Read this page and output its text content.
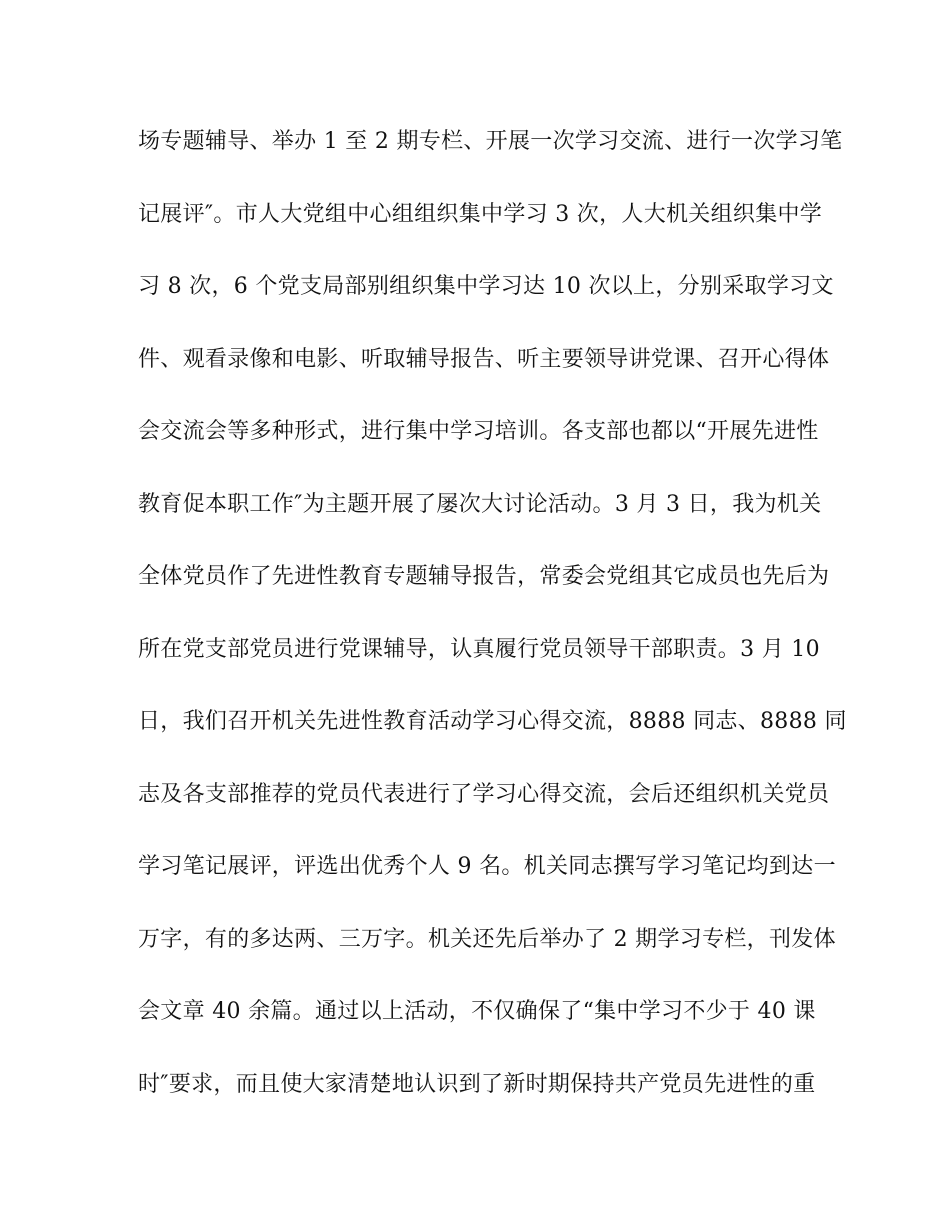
场专题辅导、举办 1 至 2 期专栏、开展一次学习交流、进行一次学习笔
记展评″。市人大党组中心组组织集中学习 3 次，人大机关组织集中学
习 8 次，6 个党支局部别组织集中学习达 10 次以上，分别采取学习文
件、观看录像和电影、听取辅导报告、听主要领导讲党课、召开心得体
会交流会等多种形式，进行集中学习培训。各支部也都以“开展先进性
教育促本职工作″为主题开展了屡次大讨论活动。3 月 3 日，我为机关
全体党员作了先进性教育专题辅导报告，常委会党组其它成员也先后为
所在党支部党员进行党课辅导，认真履行党员领导干部职责。3 月 10
日，我们召开机关先进性教育活动学习心得交流，8888 同志、8888 同
志及各支部推荐的党员代表进行了学习心得交流，会后还组织机关党员
学习笔记展评，评选出优秀个人 9 名。机关同志撰写学习笔记均到达一
万字，有的多达两、三万字。机关还先后举办了 2 期学习专栏，刊发体
会文章 40 余篇。通过以上活动，不仅确保了“集中学习不少于 40 课
时″要求，而且使大家清楚地认识到了新时期保持共产党员先进性的重
